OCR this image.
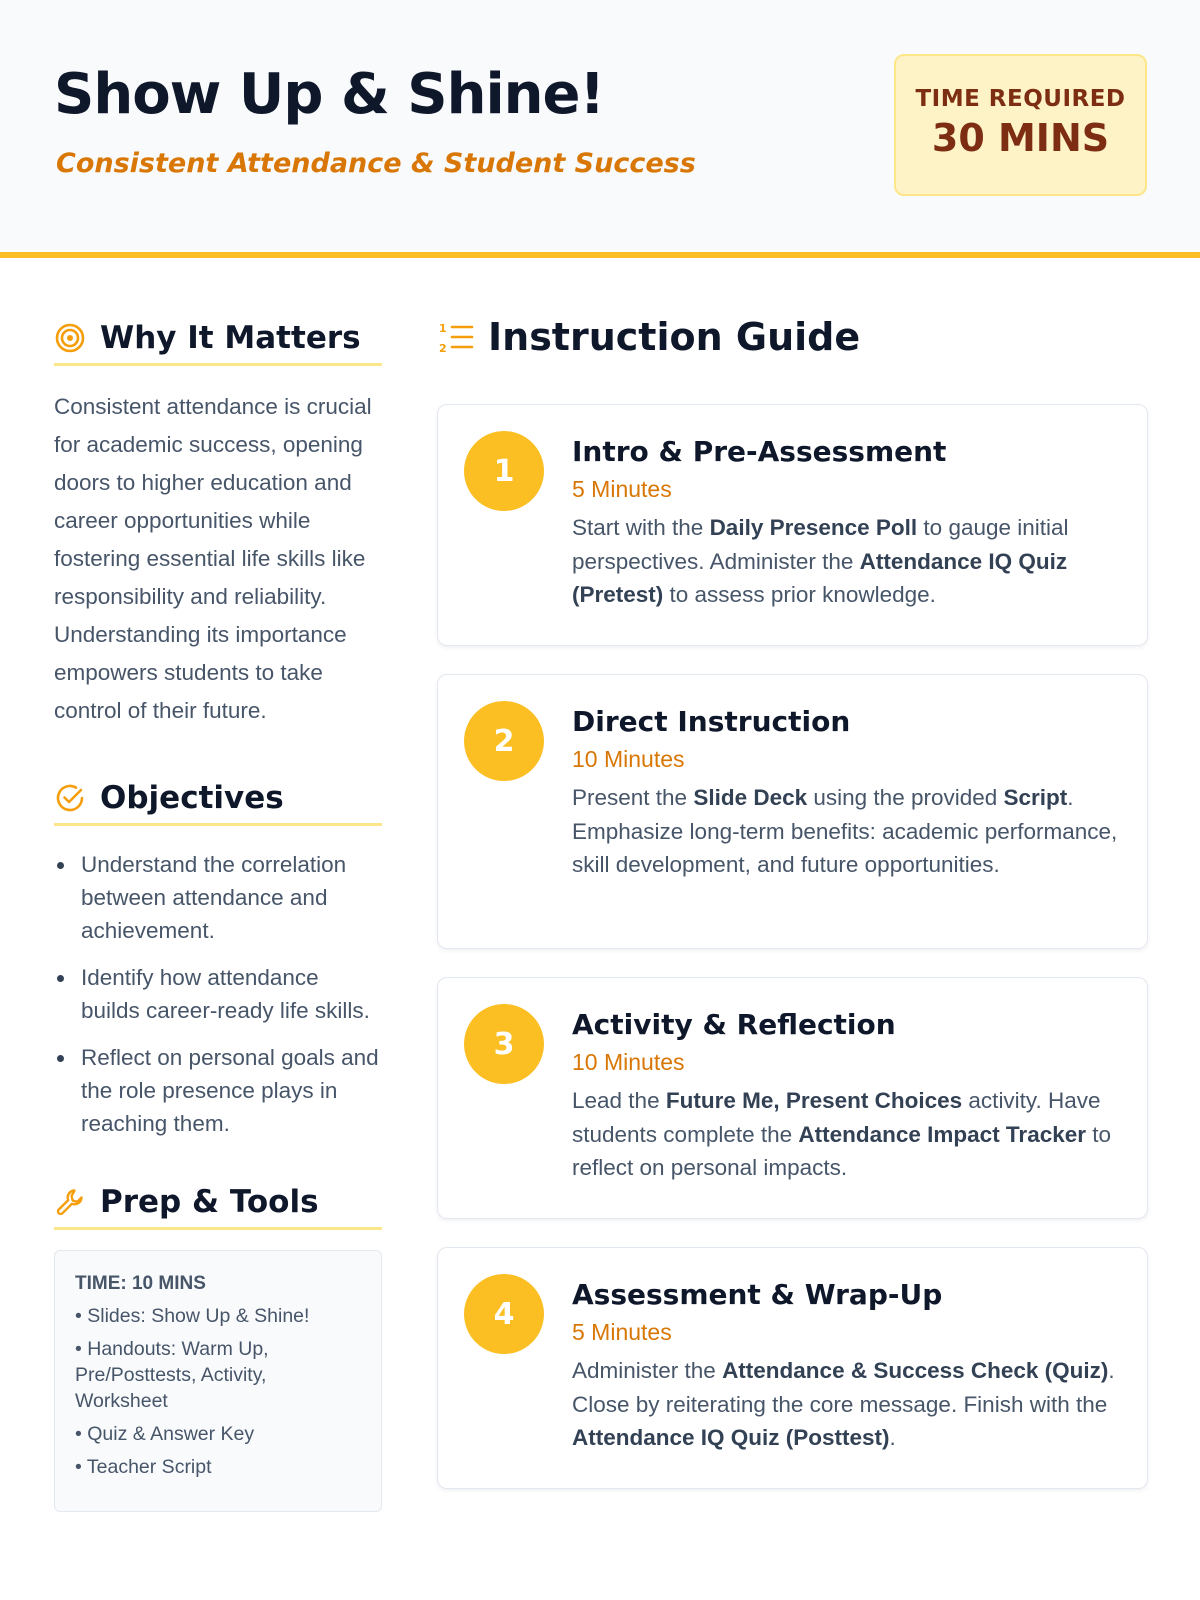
Show Up & Shine!
Consistent Attendance & Student Success
TIME REQUIRED
30 MINS
Why It Matters

Consistent attendance is crucial for academic success, opening doors to higher education and career opportunities while fostering essential life skills like responsibility and reliability. Understanding its importance empowers students to take control of their future.

Objectives
Understand the correlation between attendance and achievement.
Identify how attendance builds career-ready life skills.
Reflect on personal goals and the role presence plays in reaching them.
Prep & Tools
TIME: 10 MINS
• Slides: Show Up & Shine!
• Handouts: Warm Up, Pre/Posttests, Activity, Worksheet
• Quiz & Answer Key
• Teacher Script
1
2 Instruction Guide
1
Intro & Pre-Assessment
5 Minutes
Start with the Daily Presence Poll to gauge initial perspectives. Administer the Attendance IQ Quiz (Pretest) to assess prior knowledge.
2
Direct Instruction
10 Minutes
Present the Slide Deck using the provided Script. Emphasize long-term benefits: academic performance, skill development, and future opportunities.
3
Activity & Reflection
10 Minutes
Lead the Future Me, Present Choices activity. Have students complete the Attendance Impact Tracker to reflect on personal impacts.
4
Assessment & Wrap-Up
5 Minutes
Administer the Attendance & Success Check (Quiz). Close by reiterating the core message. Finish with the Attendance IQ Quiz (Posttest).
